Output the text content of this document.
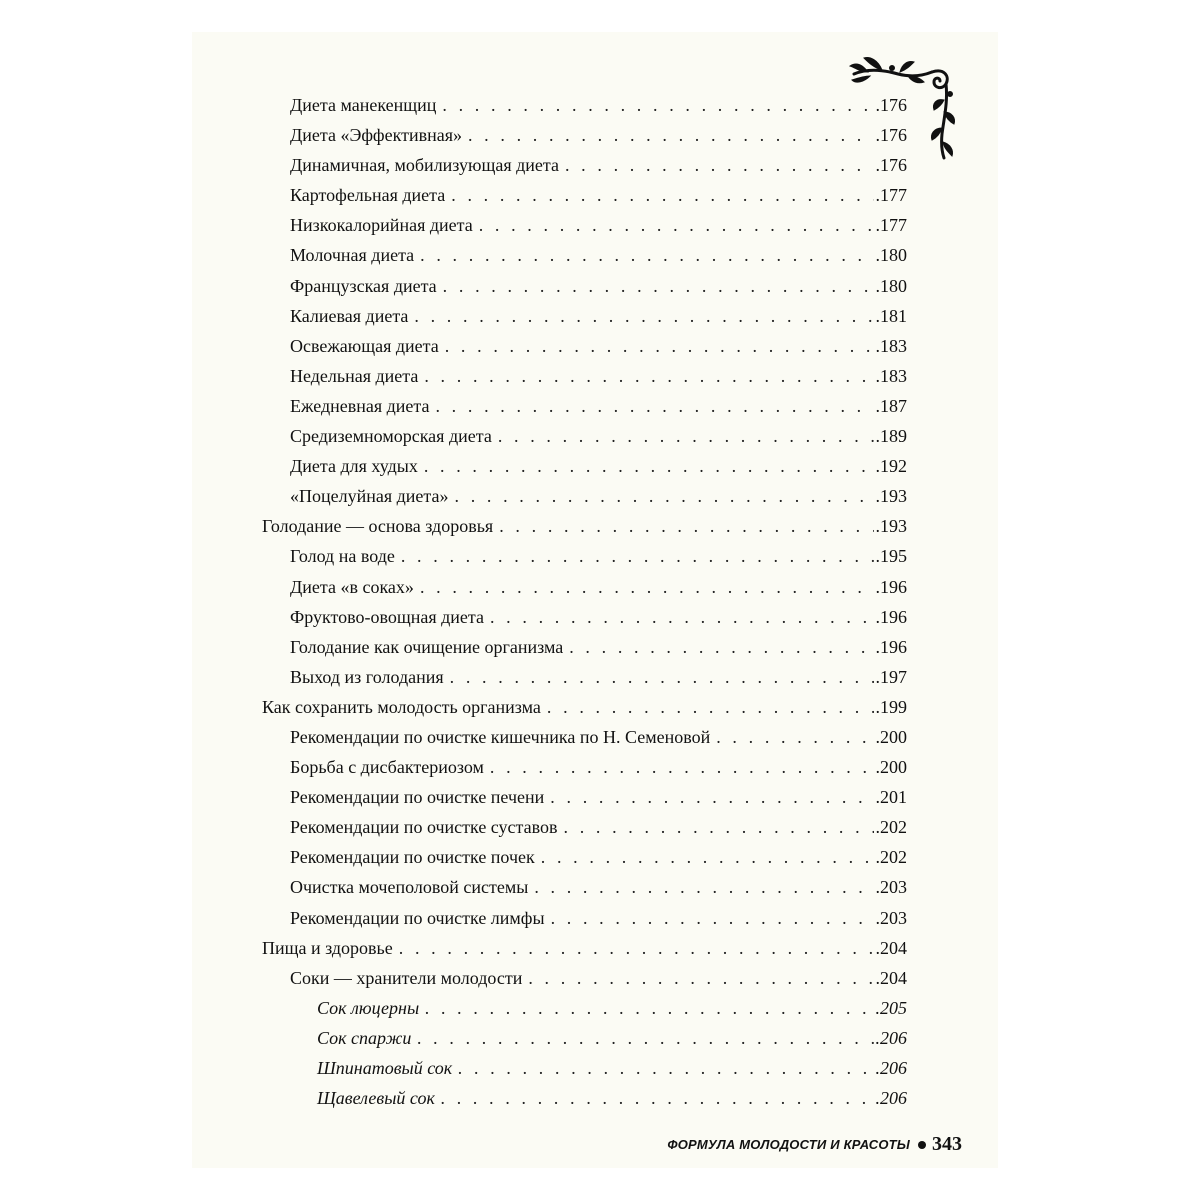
Диета манекенщиц . . .	.176
Диета «Эффективная» . . .	.176
Динамичная, мобилизующая диета . . .	.176
Картофельная диета . . .	.177
Низкокалорийная диета . . .	.177
Молочная диета . . .	.180
Французская диета . . .	.180
Калиевая диета . . .	.181
Освежающая диета . . .	.183
Недельная диета . . .	.183
Ежедневная диета . . .	.187
Средиземноморская диета . . .	.189
Диета для худых . . .	.192
«Поцелуйная диета» . . .	.193
Голодание — основа здоровья . . .	.193
Голод на воде . . .	.195
Диета «в соках» . . .	.196
Фруктово-овощная диета . . .	.196
Голодание как очищение организма . . .	.196
Выход из голодания . . .	.197
Как сохранить молодость организма . . .	.199
Рекомендации по очистке кишечника по Н. Семеновой . . .	.200
Борьба с дисбактериозом . . .	.200
Рекомендации по очистке печени . . .	.201
Рекомендации по очистке суставов . . .	.202
Рекомендации по очистке почек . . .	.202
Очистка мочеполовой системы . . .	.203
Рекомендации по очистке лимфы . . .	.203
Пища и здоровье . . .	.204
Соки — хранители молодости . . .	.204
Сок люцерны . . .	.205
Сок спаржи . . .	.206
Шпинатовый сок . . .	.206
Щавелевый сок . . .	.206
ФОРМУЛА МОЛОДОСТИ И КРАСОТЫ 343
